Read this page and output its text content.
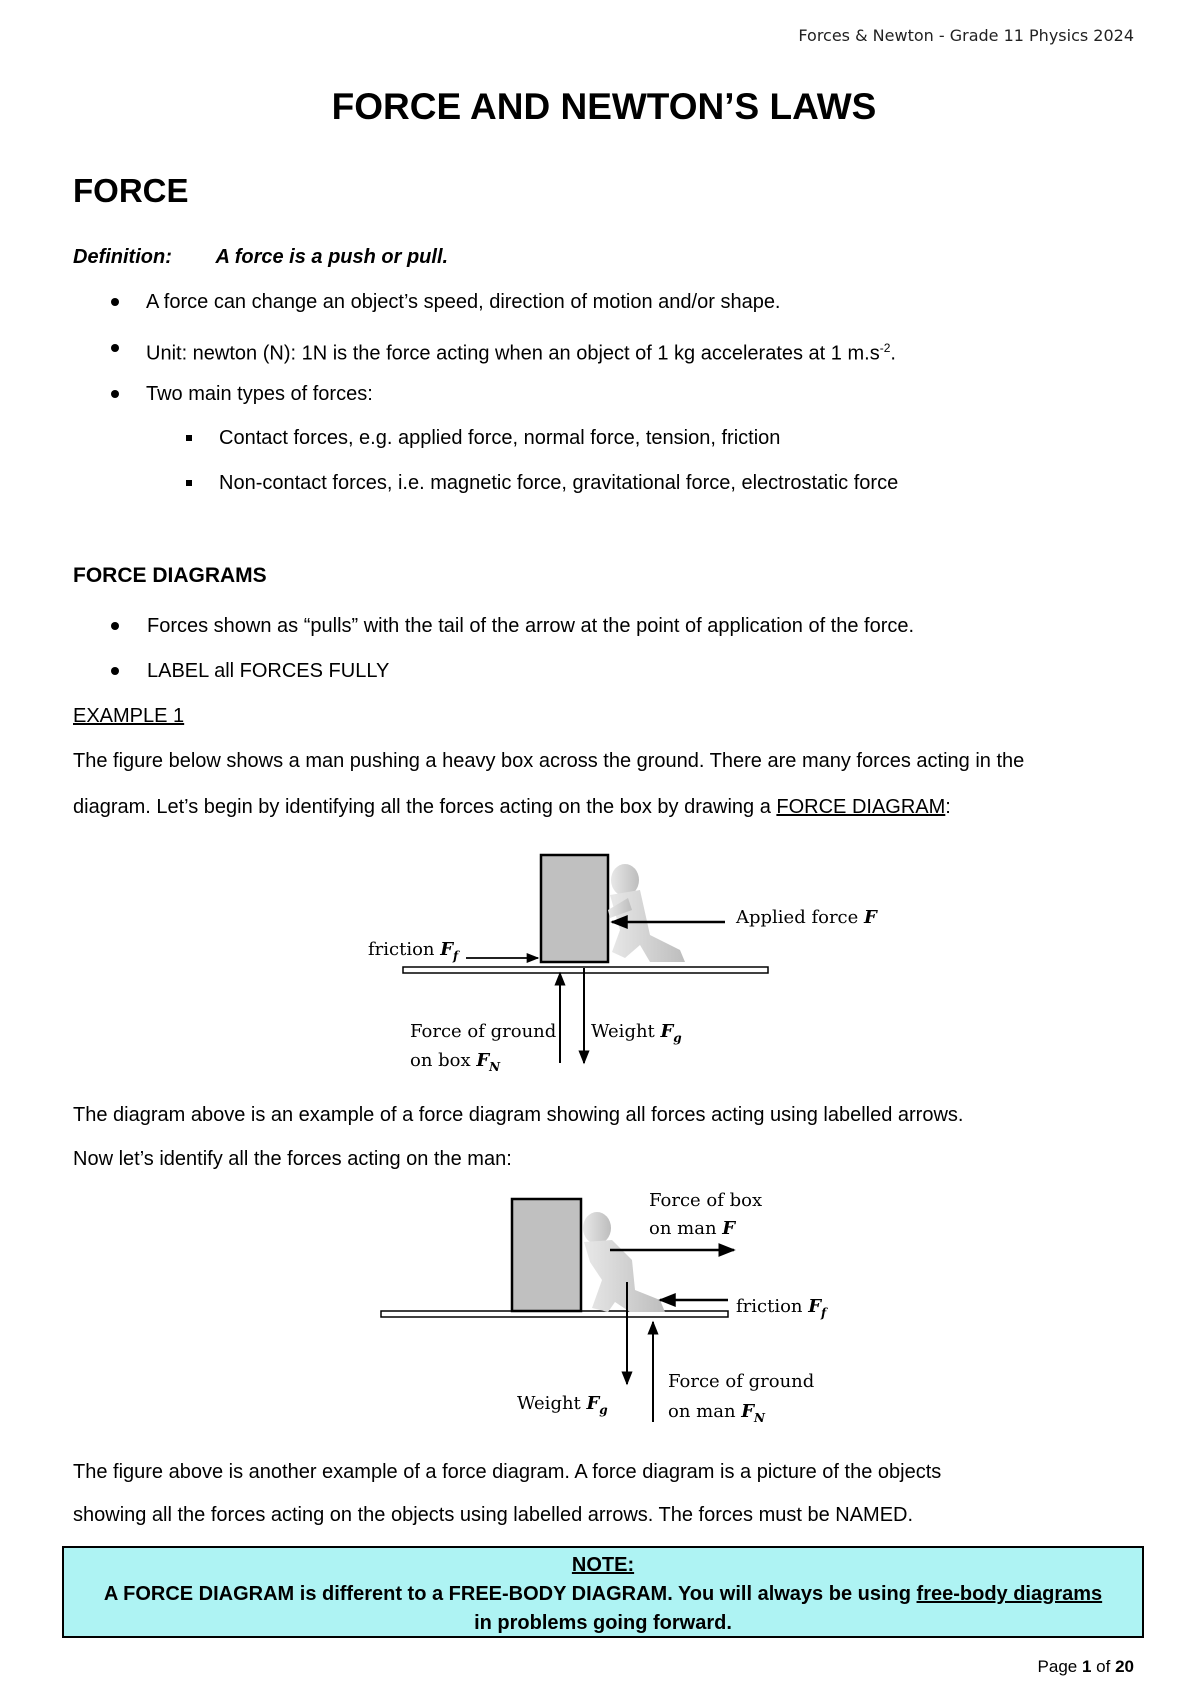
Forces & Newton - Grade 11 Physics 2024
FORCE AND NEWTON’S LAWS
FORCE
Definition: A force is a push or pull.
A force can change an object’s speed, direction of motion and/or shape.
Unit: newton (N): 1N is the force acting when an object of 1 kg accelerates at 1 $m.s^{-2}$.
Two main types of forces:
Contact forces, e.g. applied force, normal force, tension, friction
Non-contact forces, i.e. magnetic force, gravitational force, electrostatic force
FORCE DIAGRAMS
Forces shown as “pulls” with the tail of the arrow at the point of application of the force.
LABEL all FORCES FULLY
EXAMPLE 1
The figure below shows a man pushing a heavy box across the ground. There are many forces acting in the
diagram. Let’s begin by identifying all the forces acting on the box by drawing a FORCE DIAGRAM:
The diagram above is an example of a force diagram showing all forces acting using labelled arrows.
Now let’s identify all the forces acting on the man:
The figure above is another example of a force diagram. A force diagram is a picture of the objects
showing all the forces acting on the objects using labelled arrows. The forces must be NAMED.
Applied force F
friction $F_f$
Force of ground
on box $F_N$
Weight $F_g$
Force of box
on man F
friction $F_f$
Weight $F_g$
Force of ground
on man $F_N$
NOTE:
A FORCE DIAGRAM is different to a FREE-BODY DIAGRAM. You will always be using free-body diagrams
in problems going forward.
Page 1 of 20
